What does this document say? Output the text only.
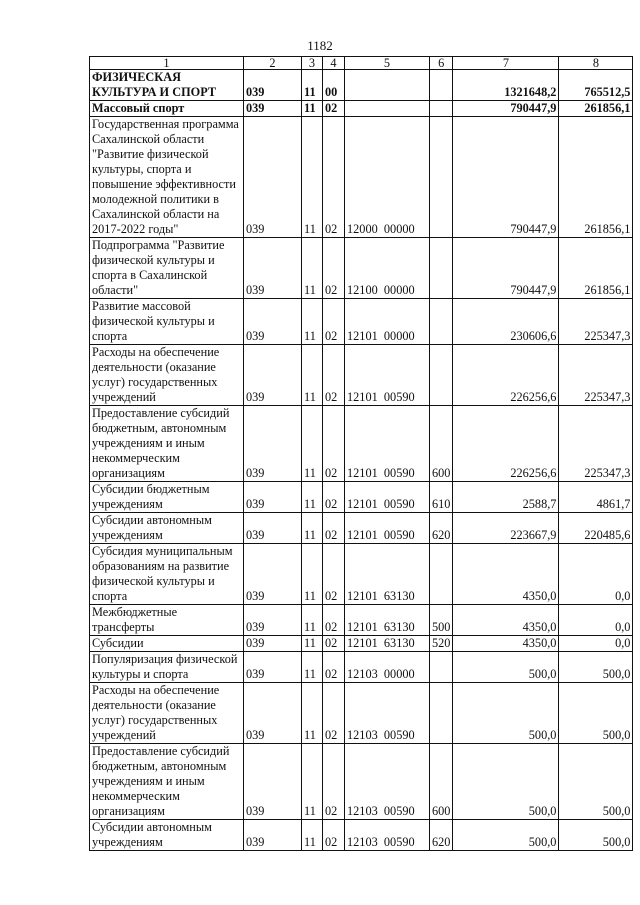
1182
1	2	3	4	5	6	7	8
ФИЗИЧЕСКАЯ КУЛЬТУРА И СПОРТ	039	11	00			1321648,2	765512,5
Массовый спорт	039	11	02			790447,9	261856,1
Государственная программа Сахалинской области "Развитие физической культуры, спорта и повышение эффективности молодежной политики в Сахалинской области на 2017-2022 годы"	039	11	02	12000  00000		790447,9	261856,1
Подпрограмма "Развитие физической культуры и спорта в Сахалинской области"	039	11	02	12100  00000		790447,9	261856,1
Развитие массовой физической культуры и спорта	039	11	02	12101  00000		230606,6	225347,3
Расходы на обеспечение деятельности (оказание услуг) государственных учреждений	039	11	02	12101  00590		226256,6	225347,3
Предоставление субсидий бюджетным, автономным учреждениям и иным некоммерческим организациям	039	11	02	12101  00590	600	226256,6	225347,3
Субсидии бюджетным учреждениям	039	11	02	12101  00590	610	2588,7	4861,7
Субсидии автономным учреждениям	039	11	02	12101  00590	620	223667,9	220485,6
Субсидия муниципальным образованиям на развитие физической культуры и спорта	039	11	02	12101  63130		4350,0	0,0
Межбюджетные трансферты	039	11	02	12101  63130	500	4350,0	0,0
Субсидии	039	11	02	12101  63130	520	4350,0	0,0
Популяризация физической культуры и спорта	039	11	02	12103  00000		500,0	500,0
Расходы на обеспечение деятельности (оказание услуг) государственных учреждений	039	11	02	12103  00590		500,0	500,0
Предоставление субсидий бюджетным, автономным учреждениям и иным некоммерческим организациям	039	11	02	12103  00590	600	500,0	500,0
Субсидии автономным учреждениям	039	11	02	12103  00590	620	500,0	500,0
